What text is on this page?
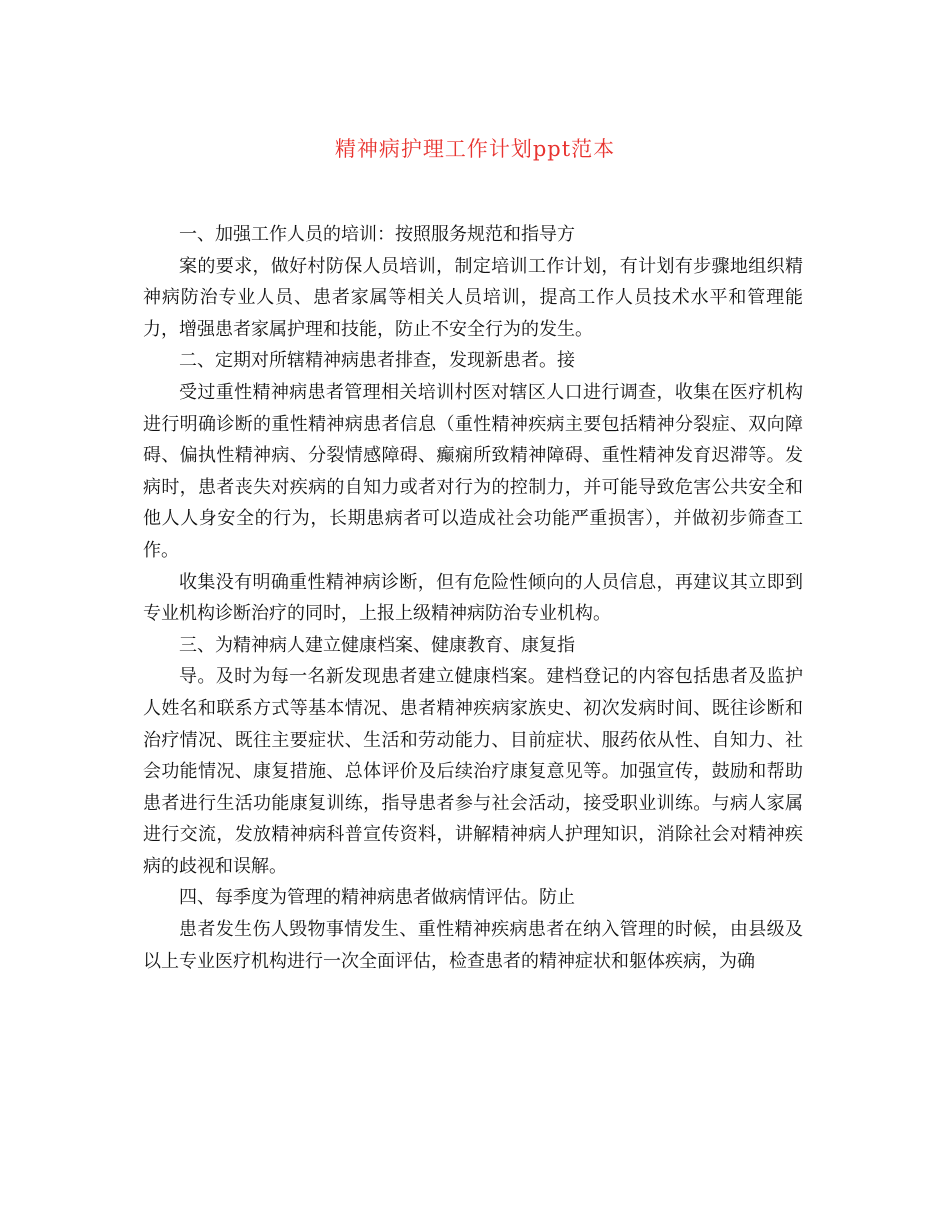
精神病护理工作计划ppt范本

一、加强工作人员的培训：按照服务规范和指导方

案的要求，做好村防保人员培训，制定培训工作计划，有计划有步骤地组织精神病防治专业人员、患者家属等相关人员培训，提高工作人员技术水平和管理能力，增强患者家属护理和技能，防止不安全行为的发生。

二、定期对所辖精神病患者排查，发现新患者。接

受过重性精神病患者管理相关培训村医对辖区人口进行调查，收集在医疗机构进行明确诊断的重性精神病患者信息（重性精神疾病主要包括精神分裂症、双向障碍、偏执性精神病、分裂情感障碍、癫痫所致精神障碍、重性精神发育迟滞等。发病时，患者丧失对疾病的自知力或者对行为的控制力，并可能导致危害公共安全和他人人身安全的行为，长期患病者可以造成社会功能严重损害），并做初步筛查工作。

收集没有明确重性精神病诊断，但有危险性倾向的人员信息，再建议其立即到专业机构诊断治疗的同时，上报上级精神病防治专业机构。

三、为精神病人建立健康档案、健康教育、康复指

导。及时为每一名新发现患者建立健康档案。建档登记的内容包括患者及监护人姓名和联系方式等基本情况、患者精神疾病家族史、初次发病时间、既往诊断和治疗情况、既往主要症状、生活和劳动能力、目前症状、服药依从性、自知力、社会功能情况、康复措施、总体评价及后续治疗康复意见等。加强宣传，鼓励和帮助患者进行生活功能康复训练，指导患者参与社会活动，接受职业训练。与病人家属进行交流，发放精神病科普宣传资料，讲解精神病人护理知识，消除社会对精神疾病的歧视和误解。

四、每季度为管理的精神病患者做病情评估。防止

患者发生伤人毁物事情发生、重性精神疾病患者在纳入管理的时候，由县级及以上专业医疗机构进行一次全面评估，检查患者的精神症状和躯体疾病，为确
